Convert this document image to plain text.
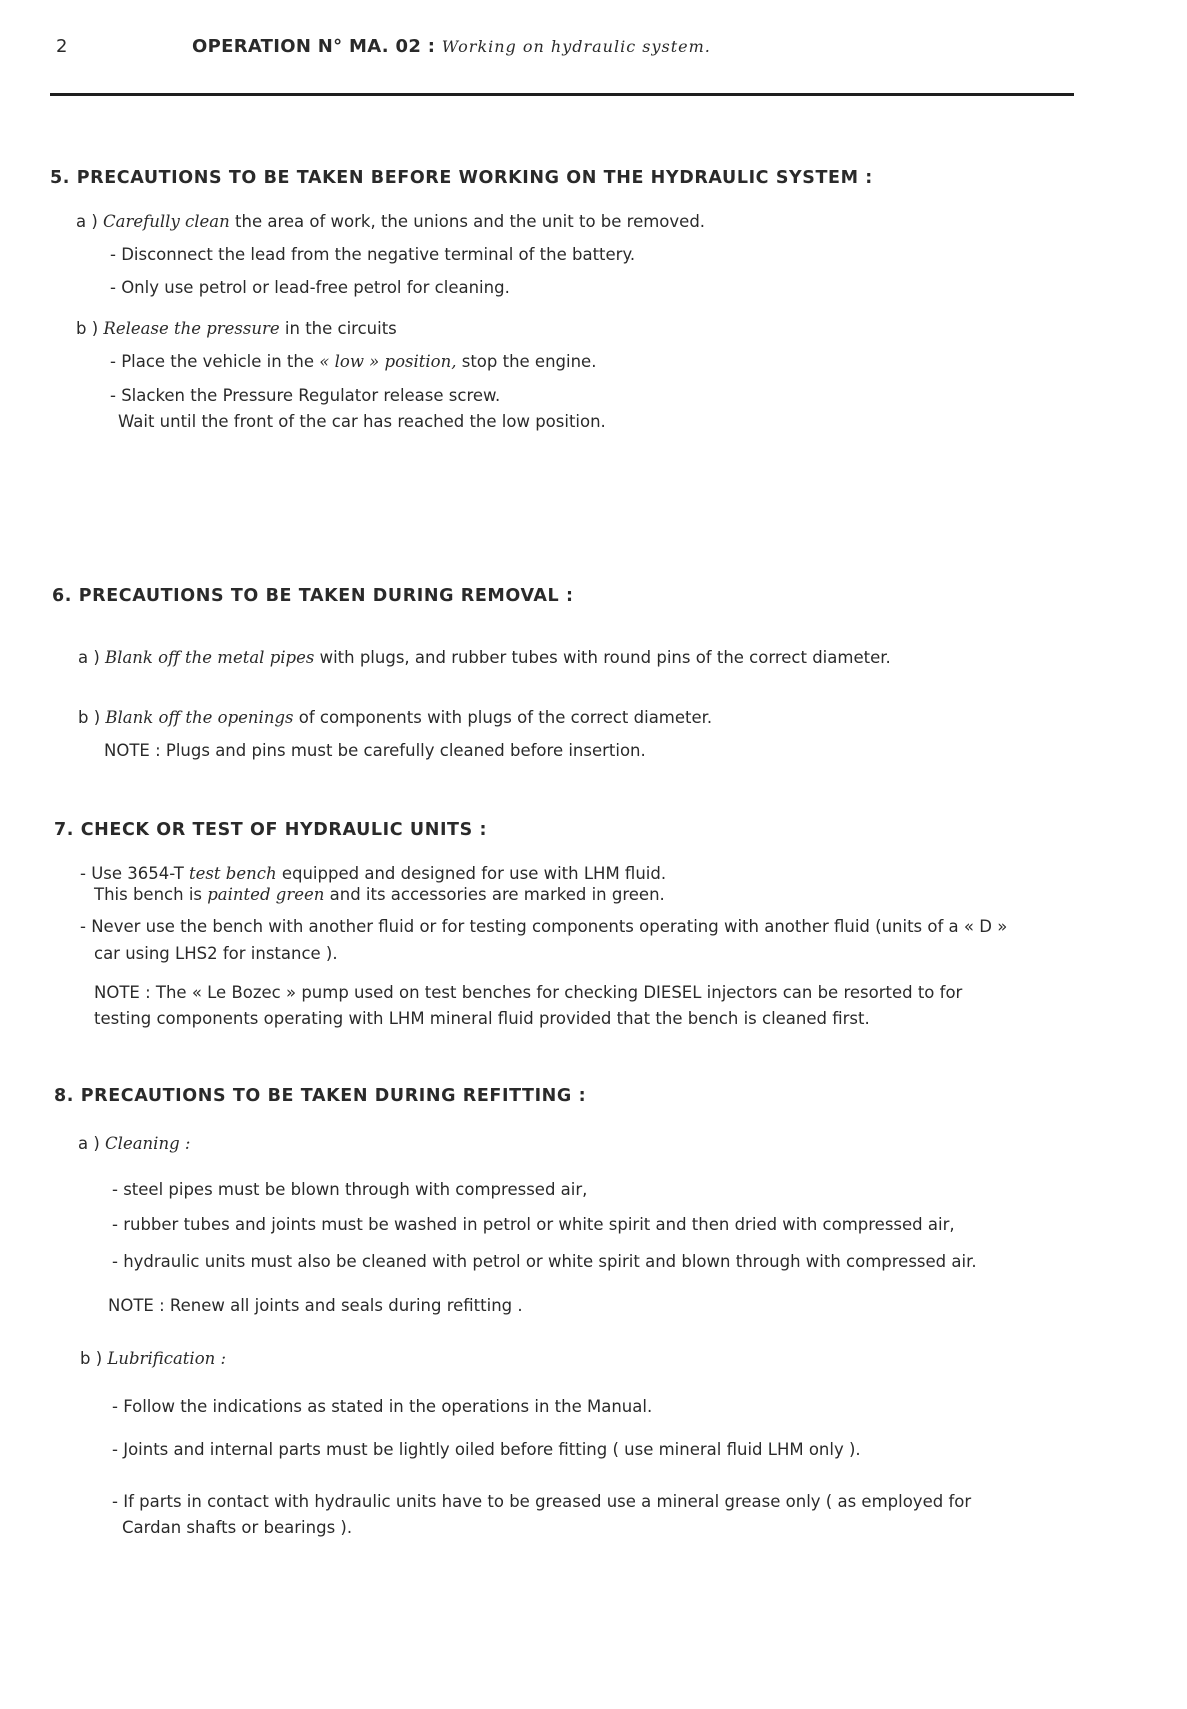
2	OPERATION N° MA. 02 : Working on hydraulic system.
5. PRECAUTIONS TO BE TAKEN BEFORE WORKING ON THE HYDRAULIC SYSTEM :
a ) Carefully clean the area of work, the unions and the unit to be removed.
- Disconnect the lead from the negative terminal of the battery.
- Only use petrol or lead-free petrol for cleaning.
b ) Release the pressure in the circuits
- Place the vehicle in the « low » position, stop the engine.
- Slacken the Pressure Regulator release screw.
Wait until the front of the car has reached the low position.
6. PRECAUTIONS TO BE TAKEN DURING REMOVAL :
a ) Blank off the metal pipes with plugs, and rubber tubes with round pins of the correct diameter.
b ) Blank off the openings of components with plugs of the correct diameter.
NOTE : Plugs and pins must be carefully cleaned before insertion.
7. CHECK OR TEST OF HYDRAULIC UNITS :
- Use 3654-T test bench equipped and designed for use with LHM fluid.
This bench is painted green and its accessories are marked in green.
- Never use the bench with another fluid or for testing components operating with another fluid (units of a « D »
car using LHS2 for instance ).
NOTE : The « Le Bozec » pump used on test benches for checking DIESEL injectors can be resorted to for
testing components operating with LHM mineral fluid provided that the bench is cleaned first.
8. PRECAUTIONS TO BE TAKEN DURING REFITTING :
a ) Cleaning :
- steel pipes must be blown through with compressed air,
- rubber tubes and joints must be washed in petrol or white spirit and then dried with compressed air,
- hydraulic units must also be cleaned with petrol or white spirit and blown through with compressed air.
NOTE : Renew all joints and seals during refitting .
b ) Lubrification :
- Follow the indications as stated in the operations in the Manual.
- Joints and internal parts must be lightly oiled before fitting ( use mineral fluid LHM only ).
- If parts in contact with hydraulic units have to be greased use a mineral grease only ( as employed for
Cardan shafts or bearings ).
